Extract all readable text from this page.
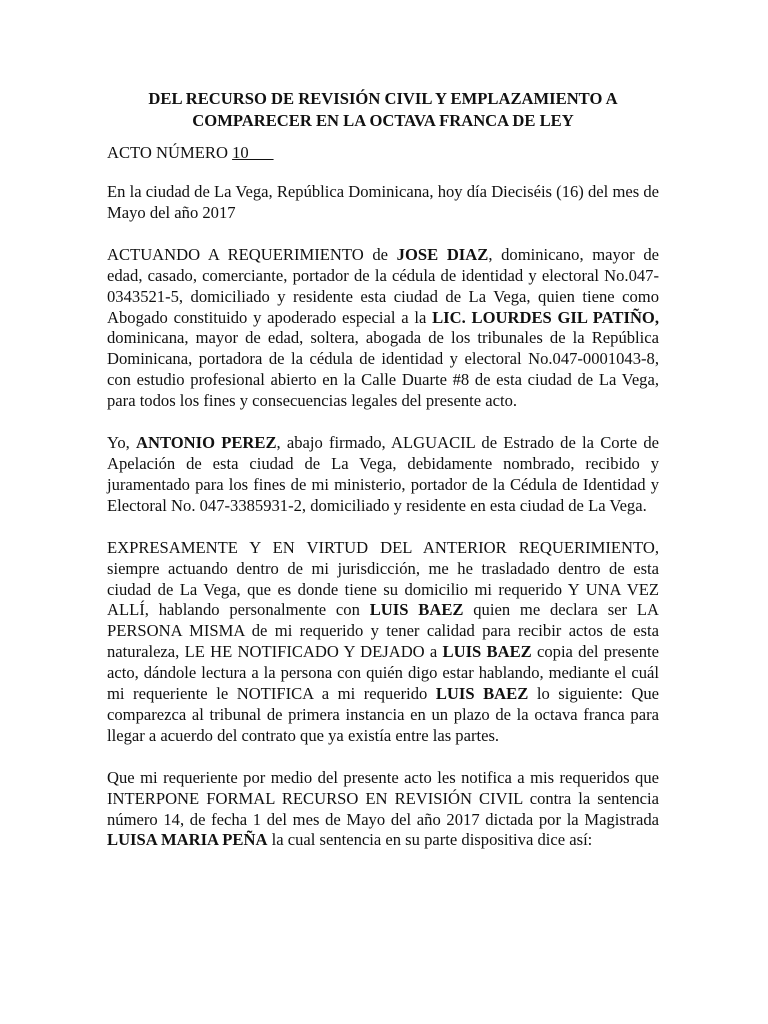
DEL RECURSO DE REVISIÓN CIVIL Y EMPLAZAMIENTO A
COMPARECER EN LA OCTAVA FRANCA DE LEY
ACTO NÚMERO 10

En la ciudad de La Vega, República Dominicana, hoy día Dieciséis (16) del mes de Mayo del año 2017

ACTUANDO A REQUERIMIENTO de JOSE DIAZ, dominicano, mayor de edad, casado, comerciante, portador de la cédula de identidad y electoral No.047-0343521-5, domiciliado y residente esta ciudad de La Vega, quien tiene como Abogado constituido y apoderado especial a la LIC. LOURDES GIL PATIÑO, dominicana, mayor de edad, soltera, abogada de los tribunales de la República Dominicana, portadora de la cédula de identidad y electoral No.047-0001043-8, con estudio profesional abierto en la Calle Duarte #8 de esta ciudad de La Vega, para todos los fines y consecuencias legales del presente acto.

Yo, ANTONIO PEREZ, abajo firmado, ALGUACIL de Estrado de la Corte de Apelación de esta ciudad de La Vega, debidamente nombrado, recibido y juramentado para los fines de mi ministerio, portador de la Cédula de Identidad y Electoral No. 047-3385931-2, domiciliado y residente en esta ciudad de La Vega.

EXPRESAMENTE Y EN VIRTUD DEL ANTERIOR REQUERIMIENTO, siempre actuando dentro de mi jurisdicción, me he trasladado dentro de esta ciudad de La Vega, que es donde tiene su domicilio mi requerido Y UNA VEZ ALLÍ, hablando personalmente con LUIS BAEZ quien me declara ser LA PERSONA MISMA de mi requerido y tener calidad para recibir actos de esta naturaleza, LE HE NOTIFICADO Y DEJADO a LUIS BAEZ copia del presente acto, dándole lectura a la persona con quién digo estar hablando, mediante el cuál mi requeriente le NOTIFICA a mi requerido LUIS BAEZ lo siguiente: Que comparezca al tribunal de primera instancia en un plazo de la octava franca para llegar a acuerdo del contrato que ya existía entre las partes.

Que mi requeriente por medio del presente acto les notifica a mis requeridos que INTERPONE FORMAL RECURSO EN REVISIÓN CIVIL contra la sentencia número 14, de fecha 1 del mes de Mayo del año 2017 dictada por la Magistrada LUISA MARIA PEÑA la cual sentencia en su parte dispositiva dice así:
